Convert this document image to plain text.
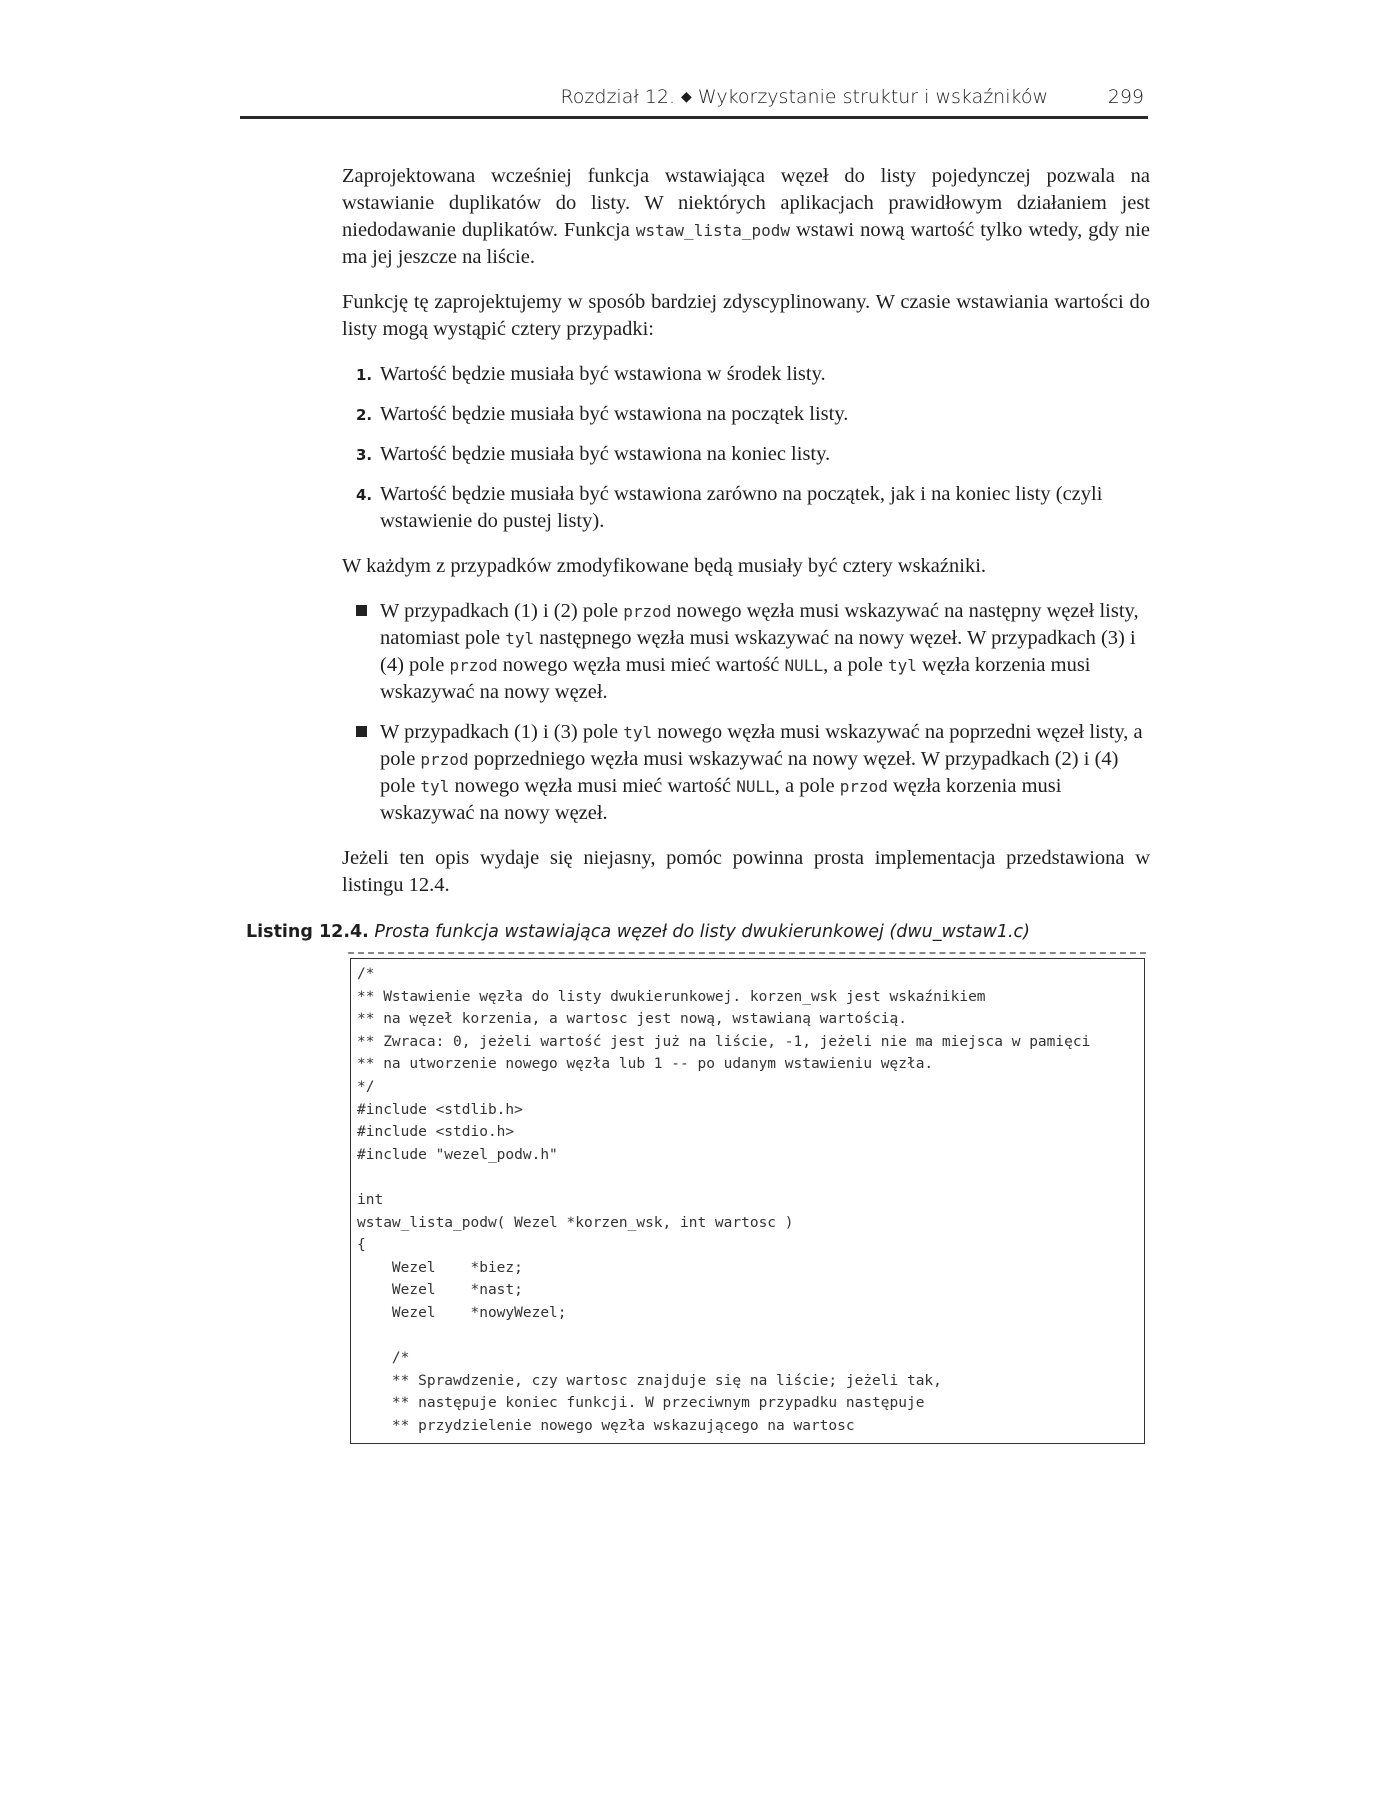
Rozdział 12. ◆ Wykorzystanie struktur i wskaźników	299

Zaprojektowana wcześniej funkcja wstawiająca węzeł do listy pojedynczej pozwala na wstawianie duplikatów do listy. W niektórych aplikacjach prawidłowym działaniem jest niedodawanie duplikatów. Funkcja wstaw_lista_podw wstawi nową wartość tylko wtedy, gdy nie ma jej jeszcze na liście.

Funkcję tę zaprojektujemy w sposób bardziej zdyscyplinowany. W czasie wstawiania wartości do listy mogą wystąpić cztery przypadki:

1. Wartość będzie musiała być wstawiona w środek listy.
2. Wartość będzie musiała być wstawiona na początek listy.
3. Wartość będzie musiała być wstawiona na koniec listy.
4. Wartość będzie musiała być wstawiona zarówno na początek, jak i na koniec listy (czyli wstawienie do pustej listy).

W każdym z przypadków zmodyfikowane będą musiały być cztery wskaźniki.

W przypadkach (1) i (2) pole przod nowego węzła musi wskazywać na następny węzeł listy, natomiast pole tyl następnego węzła musi wskazywać na nowy węzeł. W przypadkach (3) i (4) pole przod nowego węzła musi mieć wartość NULL, a pole tyl węzła korzenia musi wskazywać na nowy węzeł.
W przypadkach (1) i (3) pole tyl nowego węzła musi wskazywać na poprzedni węzeł listy, a pole przod poprzedniego węzła musi wskazywać na nowy węzeł. W przypadkach (2) i (4) pole tyl nowego węzła musi mieć wartość NULL, a pole przod węzła korzenia musi wskazywać na nowy węzeł.

Jeżeli ten opis wydaje się niejasny, pomóc powinna prosta implementacja przedstawiona w listingu 12.4.

Listing 12.4. Prosta funkcja wstawiająca węzeł do listy dwukierunkowej (dwu_wstaw1.c)
/*
** Wstawienie węzła do listy dwukierunkowej. korzen_wsk jest wskaźnikiem
** na węzeł korzenia, a wartosc jest nową, wstawianą wartością.
** Zwraca: 0, jeżeli wartość jest już na liście, -1, jeżeli nie ma miejsca w pamięci
** na utworzenie nowego węzła lub 1 -- po udanym wstawieniu węzła.
*/
#include <stdlib.h>
#include <stdio.h>
#include "wezel_podw.h"

int
wstaw_lista_podw( Wezel *korzen_wsk, int wartosc )
{
Wezel    *biez;
Wezel    *nast;
Wezel    *nowyWezel;

/*
** Sprawdzenie, czy wartosc znajduje się na liście; jeżeli tak,
** następuje koniec funkcji. W przeciwnym przypadku następuje
** przydzielenie nowego węzła wskazującego na wartosc
